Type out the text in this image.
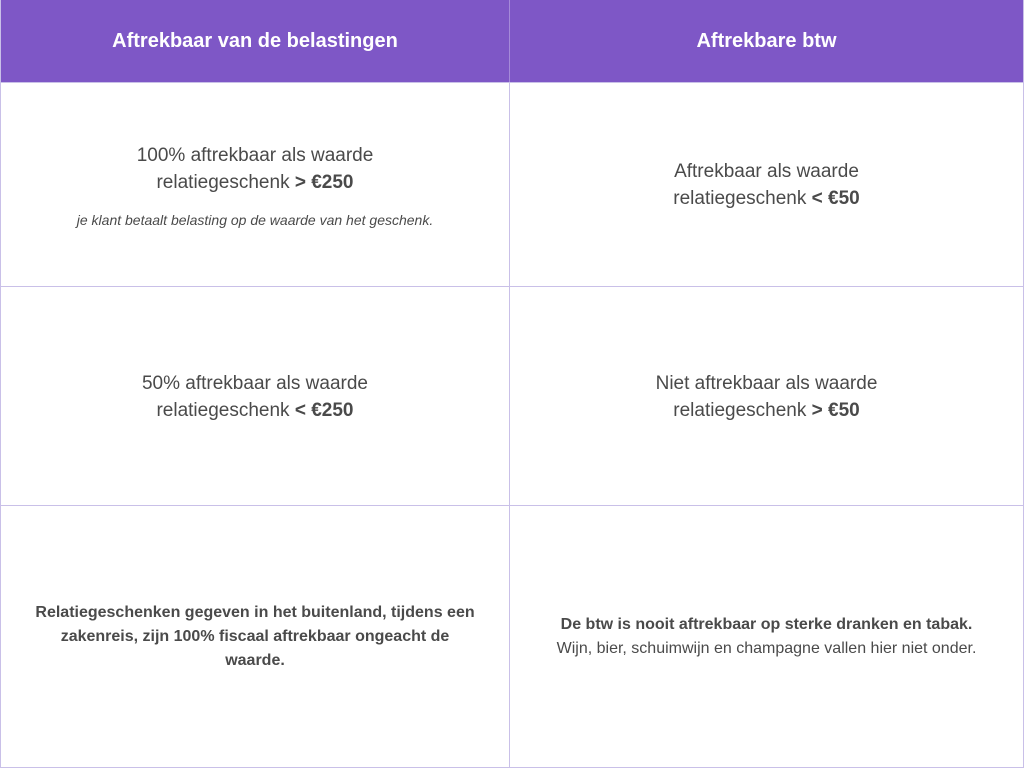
Aftrekbaar van de belastingen	Aftrekbare btw
100% aftrekbaar als waarde
relatiegeschenk > €250
je klant betaalt belasting op de waarde van het geschenk.
Aftrekbaar als waarde
relatiegeschenk < €50
50% aftrekbaar als waarde
relatiegeschenk < €250
Niet aftrekbaar als waarde
relatiegeschenk > €50
Relatiegeschenken gegeven in het buitenland, tijdens een zakenreis, zijn 100% fiscaal aftrekbaar ongeacht de waarde.
De btw is nooit aftrekbaar op sterke dranken en tabak.
Wijn, bier, schuimwijn en champagne vallen hier niet onder.
